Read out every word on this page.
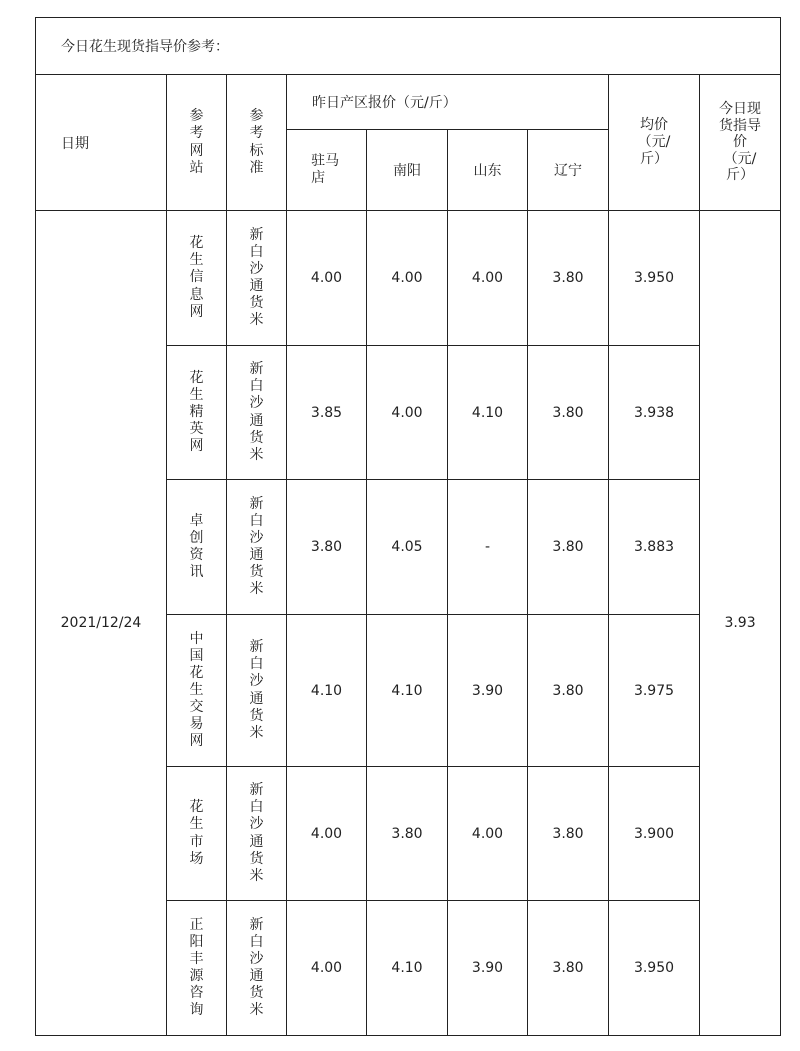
今日花生现货指导价参考：								
日期	参考网站	参考标准	昨日产区报价（元/斤）				均价（元/斤）	今日现货指导价（元/斤）
			驻马店	南阳	山东	辽宁		
2021/12/24	花生信息网	新白沙通货米	4.00	4.00	4.00	3.80	3.950	3.93
	花生精英网	新白沙通货米	3.85	4.00	4.10	3.80	3.938	
	卓创资讯	新白沙通货米	3.80	4.05	-	3.80	3.883	
	中国花生交易网	新白沙通货米	4.10	4.10	3.90	3.80	3.975	
	花生市场	新白沙通货米	4.00	3.80	4.00	3.80	3.900	
	正阳丰源咨询	新白沙通货米	4.00	4.10	3.90	3.80	3.950	
